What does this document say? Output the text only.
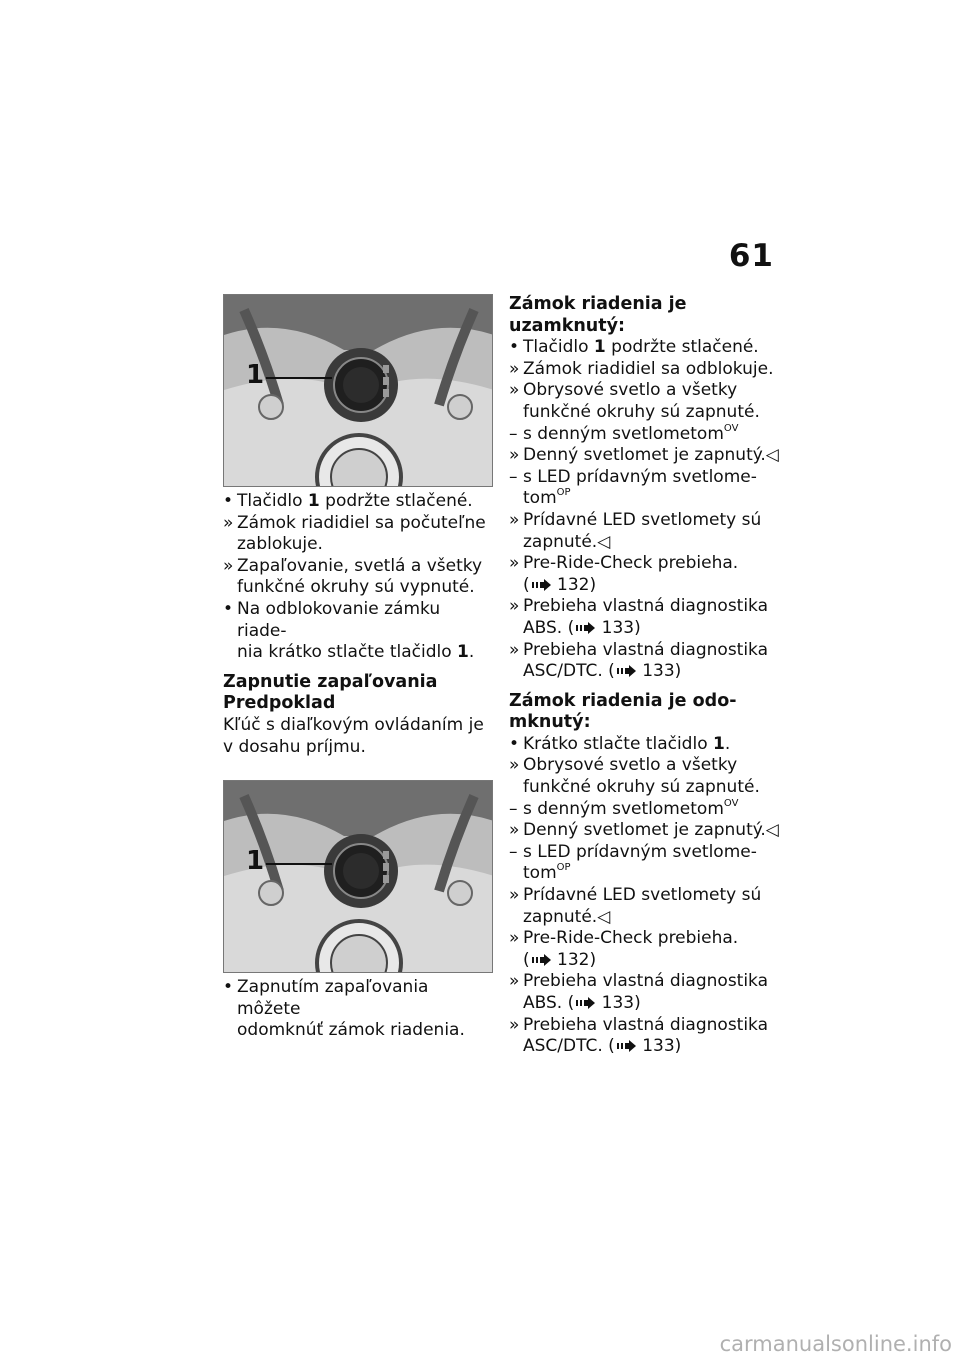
61
1
• Tlačidlo 1 podržte stlačené.
» Zámok riadidiel sa počuteľne
zablokuje.
» Zapaľovanie, svetlá a všetky
funkčné okruhy sú vypnuté.
• Na odblokovanie zámku riade-
nia krátko stlačte tlačidlo 1.
Zapnutie zapaľovania
Predpoklad
Kľúč s diaľkovým ovládaním je
v dosahu príjmu.
1
• Zapnutím zapaľovania môžete
odomknúť zámok riadenia.
Zámok riadenia je uzamknutý:
• Tlačidlo 1 podržte stlačené.
» Zámok riadidiel sa odblokuje.
» Obrysové svetlo a všetky
funkčné okruhy sú zapnuté.
– s denným svetlometom$^{OV}$
» Denný svetlomet je zapnutý.◁
– s LED prídavným svetlome-
tom$^{OP}$
» Prídavné LED svetlomety sú
zapnuté.◁
» Pre-Ride-Check prebieha.
( 132)
» Prebieha vlastná diagnostika
ABS. ( 133)
» Prebieha vlastná diagnostika
ASC/DTC. ( 133)
Zámok riadenia je odo-
mknutý:
• Krátko stlačte tlačidlo 1.
» Obrysové svetlo a všetky
funkčné okruhy sú zapnuté.
– s denným svetlometom$^{OV}$
» Denný svetlomet je zapnutý.◁
– s LED prídavným svetlome-
tom$^{OP}$
» Prídavné LED svetlomety sú
zapnuté.◁
» Pre-Ride-Check prebieha.
( 132)
» Prebieha vlastná diagnostika
ABS. ( 133)
» Prebieha vlastná diagnostika
ASC/DTC. ( 133)
carmanualsonline.info
